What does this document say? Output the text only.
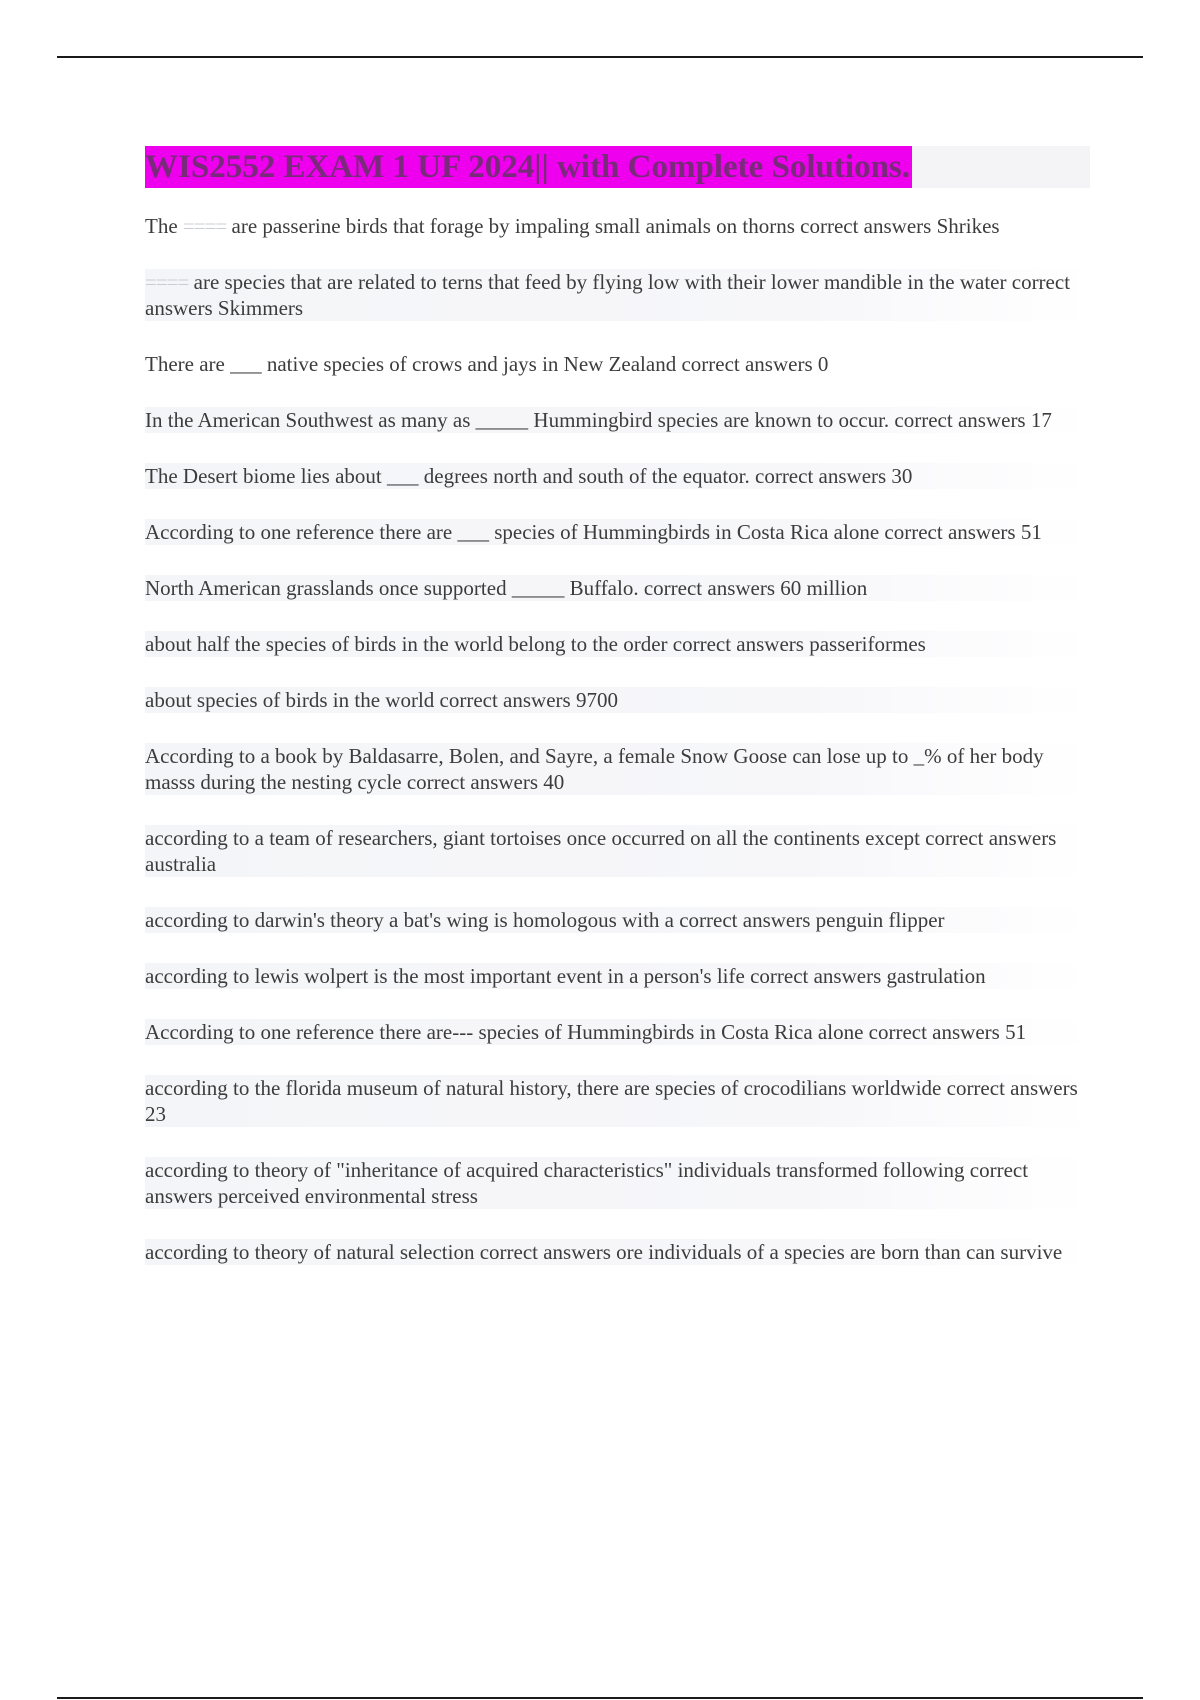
WIS2552 EXAM 1 UF 2024|| with Complete Solutions.
The ==== are passerine birds that forage by impaling small animals on thorns correct answers Shrikes
==== are species that are related to terns that feed by flying low with their lower mandible in the water correct answers Skimmers
There are ___ native species of crows and jays in New Zealand correct answers 0
In the American Southwest as many as _____ Hummingbird species are known to occur. correct answers 17
The Desert biome lies about ___ degrees north and south of the equator. correct answers 30
According to one reference there are ___ species of Hummingbirds in Costa Rica alone correct answers 51
North American grasslands once supported _____ Buffalo. correct answers 60 million
about half the species of birds in the world belong to the order correct answers passeriformes
about species of birds in the world correct answers 9700
According to a book by Baldasarre, Bolen, and Sayre, a female Snow Goose can lose up to _% of her body masss during the nesting cycle correct answers 40
according to a team of researchers, giant tortoises once occurred on all the continents except correct answers australia
according to darwin's theory a bat's wing is homologous with a correct answers penguin flipper
according to lewis wolpert is the most important event in a person's life correct answers gastrulation
According to one reference there are--- species of Hummingbirds in Costa Rica alone correct answers 51
according to the florida museum of natural history, there are species of crocodilians worldwide correct answers 23
according to theory of "inheritance of acquired characteristics" individuals transformed following correct answers perceived environmental stress
according to theory of natural selection correct answers ore individuals of a species are born than can survive
